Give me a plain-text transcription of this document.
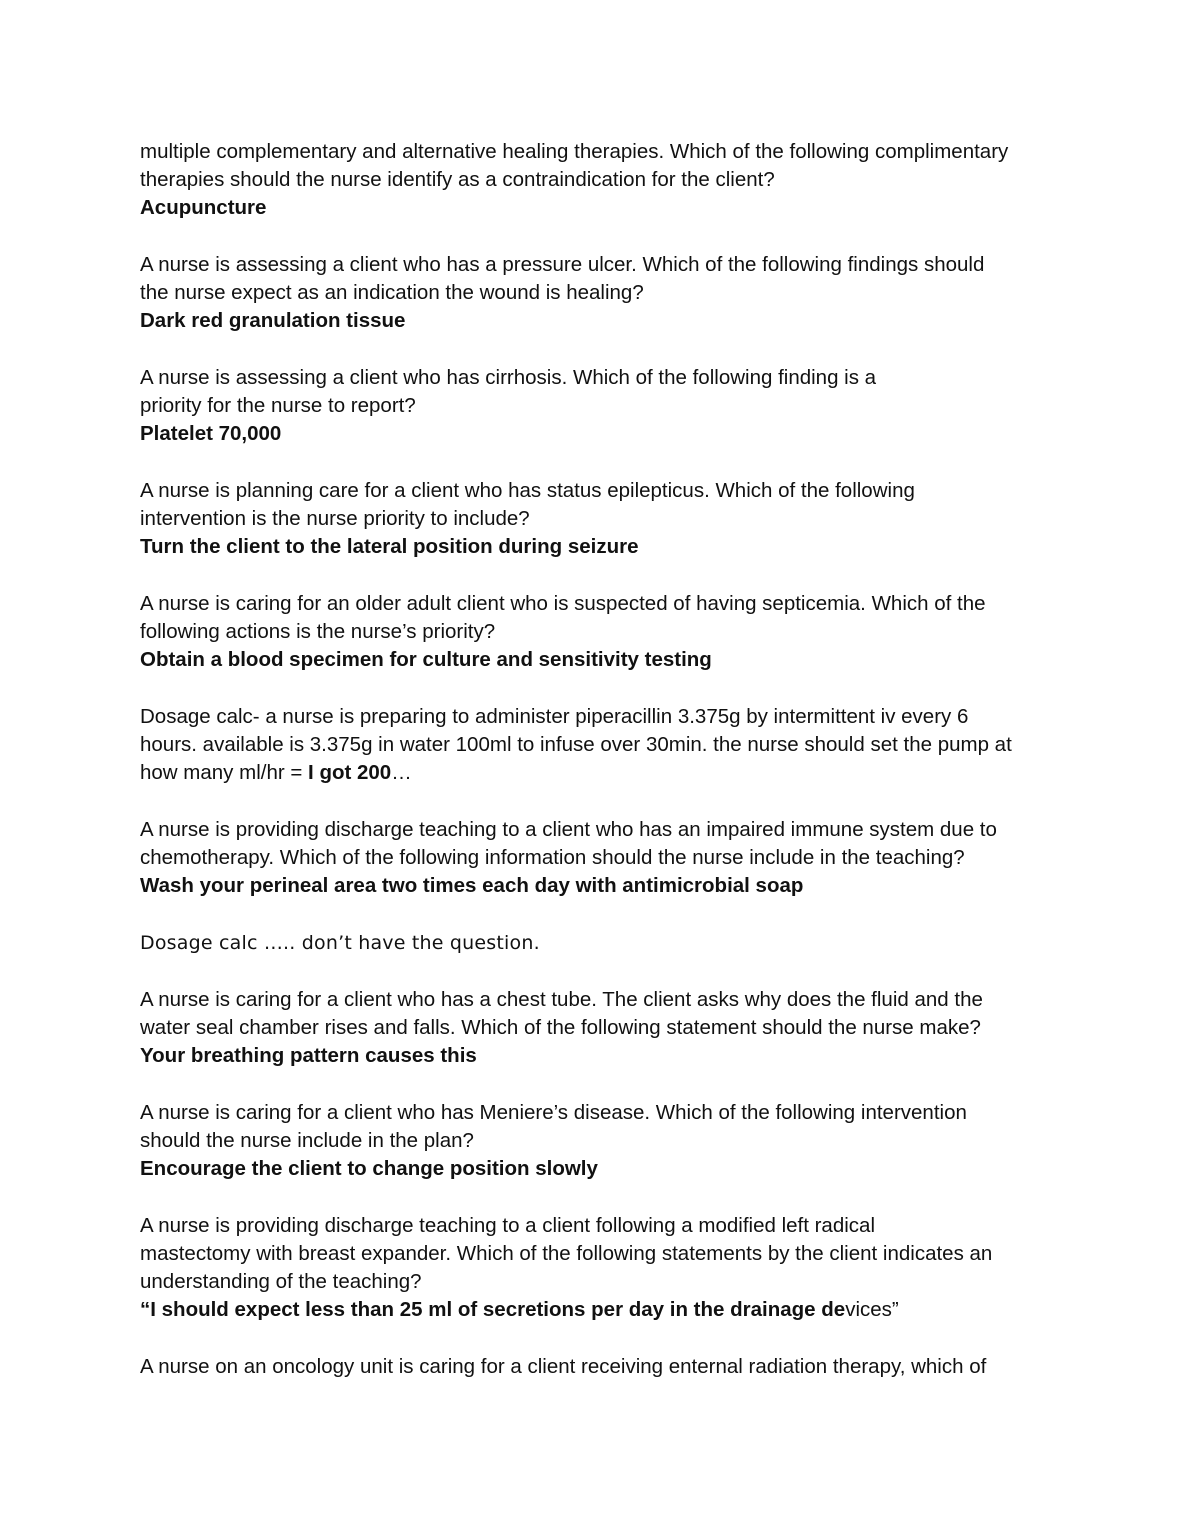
multiple complementary and alternative healing therapies. Which of the following complimentary
therapies should the nurse identify as a contraindication for the client?
Acupuncture
A nurse is assessing a client who has a pressure ulcer. Which of the following findings should
the nurse expect as an indication the wound is healing?
Dark red granulation tissue
A nurse is assessing a client who has cirrhosis. Which of the following finding is a
priority for the nurse to report?
Platelet 70,000
A nurse is planning care for a client who has status epilepticus. Which of the following
intervention is the nurse priority to include?
Turn the client to the lateral position during seizure
A nurse is caring for an older adult client who is suspected of having septicemia. Which of the
following actions is the nurse’s priority?
Obtain a blood specimen for culture and sensitivity testing
Dosage calc- a nurse is preparing to administer piperacillin 3.375g by intermittent iv every 6
hours. available is 3.375g in water 100ml to infuse over 30min. the nurse should set the pump at
how many ml/hr = I got 200…
A nurse is providing discharge teaching to a client who has an impaired immune system due to
chemotherapy. Which of the following information should the nurse include in the teaching?
Wash your perineal area two times each day with antimicrobial soap
Dosage calc ….. don’t have the question.
A nurse is caring for a client who has a chest tube. The client asks why does the fluid and the
water seal chamber rises and falls. Which of the following statement should the nurse make?
Your breathing pattern causes this
A nurse is caring for a client who has Meniere’s disease. Which of the following intervention
should the nurse include in the plan?
Encourage the client to change position slowly
A nurse is providing discharge teaching to a client following a modified left radical
mastectomy with breast expander. Which of the following statements by the client indicates an
understanding of the teaching?
“I should expect less than 25 ml of secretions per day in the drainage devices”
A nurse on an oncology unit is caring for a client receiving enternal radiation therapy, which of
